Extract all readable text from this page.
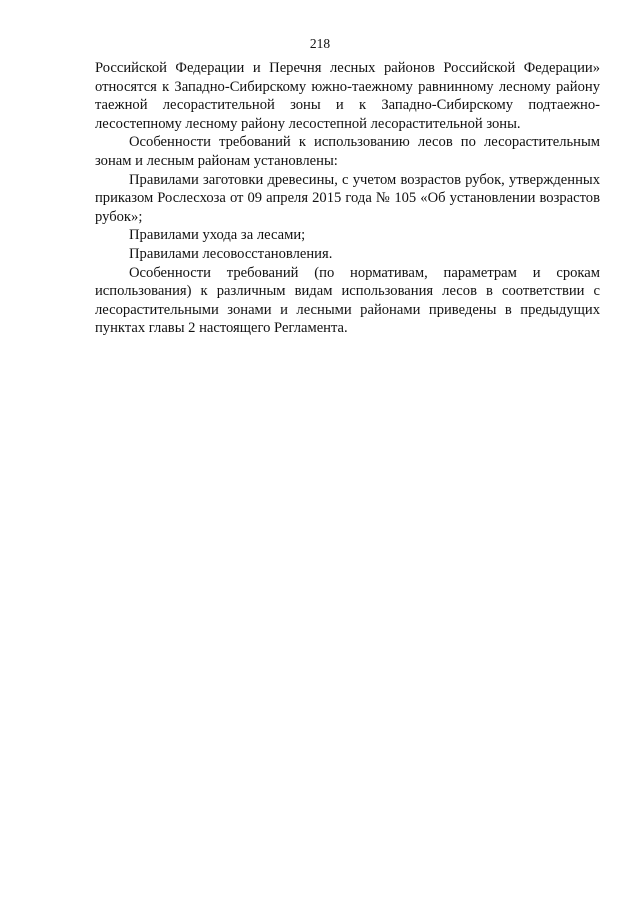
218

Российской Федерации и Перечня лесных районов Российской Федерации» относятся к Западно-Сибирскому южно-таежному равнинному лесному району таежной лесорастительной зоны и к Западно-Сибирскому подтаежно-лесостепному лесному району лесостепной лесорастительной зоны.

Особенности требований к использованию лесов по лесорастительным зонам и лесным районам установлены:

Правилами заготовки древесины, с учетом возрастов рубок, утвержденных приказом Рослесхоза от 09 апреля 2015 года № 105 «Об установлении возрастов рубок»;

Правилами ухода за лесами;

Правилами лесовосстановления.

Особенности требований (по нормативам, параметрам и срокам использования) к различным видам использования лесов в соответствии с лесорастительными зонами и лесными районами приведены в предыдущих пунктах главы 2 настоящего Регламента.
